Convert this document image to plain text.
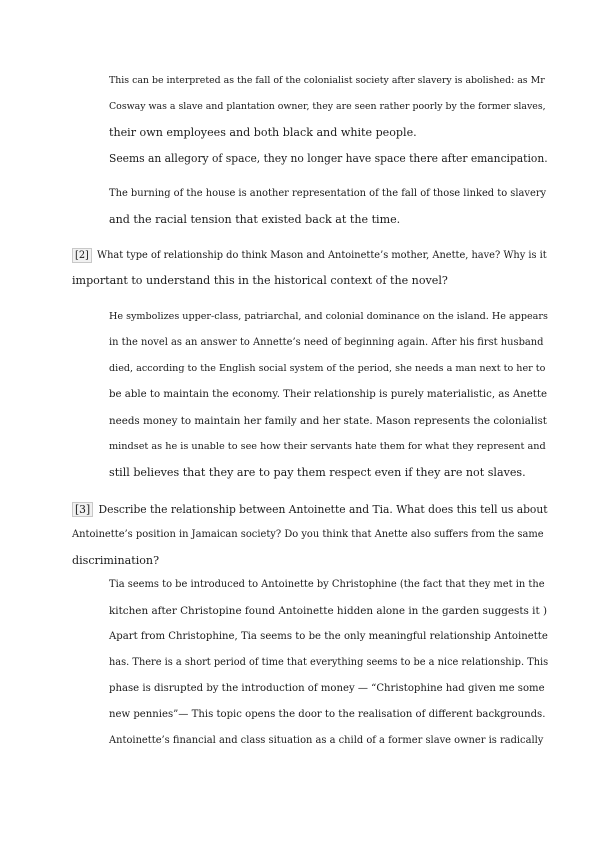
This can be interpreted as the fall of the colonialist society after slavery is abolished: as Mr
Cosway was a slave and plantation owner, they are seen rather poorly by the former slaves,
their own employees and both black and white people.
Seems an allegory of space, they no longer have space there after emancipation.
The burning of the house is another representation of the fall of those linked to slavery
and the racial tension that existed back at the time.
[2] What type of relationship do think Mason and Antoinette’s mother, Anette, have? Why is it
important to understand this in the historical context of the novel?
He symbolizes upper-class, patriarchal, and colonial dominance on the island. He appears
in the novel as an answer to Annette’s need of beginning again. After his first husband
died, according to the English social system of the period, she needs a man next to her to
be able to maintain the economy. Their relationship is purely materialistic, as Anette
needs money to maintain her family and her state. Mason represents the colonialist
mindset as he is unable to see how their servants hate them for what they represent and
still believes that they are to pay them respect even if they are not slaves.
[3] Describe the relationship between Antoinette and Tia. What does this tell us about
Antoinette’s position in Jamaican society? Do you think that Anette also suffers from the same
discrimination?
Tia seems to be introduced to Antoinette by Christophine (the fact that they met in the
kitchen after Christopine found Antoinette hidden alone in the garden suggests it )
Apart from Christophine, Tia seems to be the only meaningful relationship Antoinette
has. There is a short period of time that everything seems to be a nice relationship. This
phase is disrupted by the introduction of money — “Christophine had given me some
new pennies”— This topic opens the door to the realisation of different backgrounds.
Antoinette’s financial and class situation as a child of a former slave owner is radically
